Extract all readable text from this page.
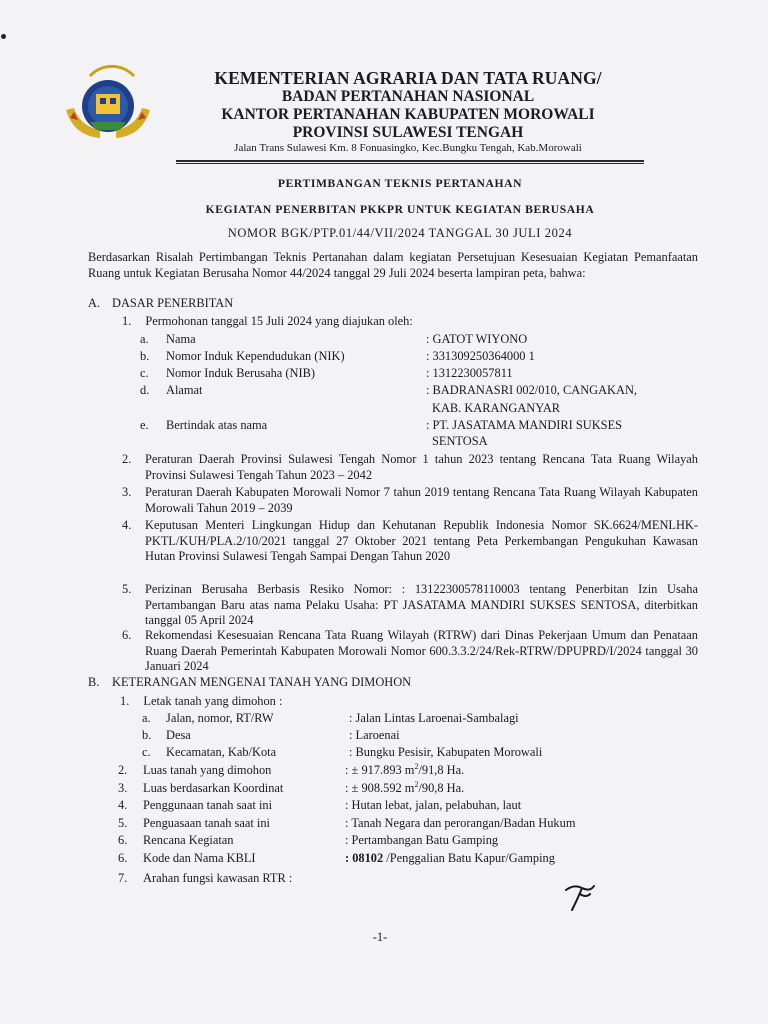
KEMENTERIAN AGRARIA DAN TATA RUANG/
BADAN PERTANAHAN NASIONAL
KANTOR PERTANAHAN KABUPATEN MOROWALI
PROVINSI SULAWESI TENGAH
Jalan Trans Sulawesi Km. 8 Fonuasingko, Kec.Bungku Tengah, Kab.Morowali
PERTIMBANGAN TEKNIS PERTANAHAN
KEGIATAN PENERBITAN PKKPR UNTUK KEGIATAN BERUSAHA
NOMOR BGK/PTP.01/44/VII/2024 TANGGAL 30 JULI 2024
Berdasarkan Risalah Pertimbangan Teknis Pertanahan dalam kegiatan Persetujuan Kesesuaian Kegiatan Pemanfaatan Ruang untuk Kegiatan Berusaha Nomor 44/2024 tanggal 29 Juli 2024 beserta lampiran peta, bahwa:
A. DASAR PENERBITAN
1. Permohonan tanggal 15 Juli 2024 yang diajukan oleh:
a. Nama	: GATOT WIYONO
b. Nomor Induk Kependudukan (NIK)	: 331309250364000 1
c. Nomor Induk Berusaha (NIB)	: 1312230057811
d. Alamat	: BADRANASRI 002/010, CANGAKAN,
KAB. KARANGANYAR
e. Bertindak atas nama	: PT. JASATAMA MANDIRI SUKSES
SENTOSA
2. Peraturan Daerah Provinsi Sulawesi Tengah Nomor 1 tahun 2023 tentang Rencana Tata Ruang Wilayah Provinsi Sulawesi Tengah Tahun 2023 – 2042
3. Peraturan Daerah Kabupaten Morowali Nomor 7 tahun 2019 tentang Rencana Tata Ruang Wilayah Kabupaten Morowali Tahun 2019 – 2039
4. Keputusan Menteri Lingkungan Hidup dan Kehutanan Republik Indonesia Nomor SK.6624/MENLHK-PKTL/KUH/PLA.2/10/2021 tanggal 27 Oktober 2021 tentang Peta Perkembangan Pengukuhan Kawasan Hutan Provinsi Sulawesi Tengah Sampai Dengan Tahun 2020
5. Perizinan Berusaha Berbasis Resiko Nomor: : 13122300578110003 tentang Penerbitan Izin Usaha Pertambangan Baru atas nama Pelaku Usaha: PT JASATAMA MANDIRI SUKSES SENTOSA, diterbitkan tanggal 05 April 2024
6. Rekomendasi Kesesuaian Rencana Tata Ruang Wilayah (RTRW) dari Dinas Pekerjaan Umum dan Penataan Ruang Daerah Pemerintah Kabupaten Morowali Nomor 600.3.3.2/24/Rek-RTRW/DPUPRD/I/2024 tanggal 30 Januari 2024
B. KETERANGAN MENGENAI TANAH YANG DIMOHON
1. Letak tanah yang dimohon :
a. Jalan, nomor, RT/RW	: Jalan Lintas Laroenai-Sambalagi
b. Desa	: Laroenai
c. Kecamatan, Kab/Kota	: Bungku Pesisir, Kabupaten Morowali
2. Luas tanah yang dimohon	: ± 917.893 $m^2/91,8$ Ha.
3. Luas berdasarkan Koordinat	: ± 908.592 $m^2/90,8$ Ha.
4. Penggunaan tanah saat ini	: Hutan lebat, jalan, pelabuhan, laut
5. Penguasaan tanah saat ini	: Tanah Negara dan perorangan/Badan Hukum
6. Rencana Kegiatan	: Pertambangan Batu Gamping
6. Kode dan Nama KBLI	: 08102 /Penggalian Batu Kapur/Gamping
7. Arahan fungsi kawasan RTR :
-1-
